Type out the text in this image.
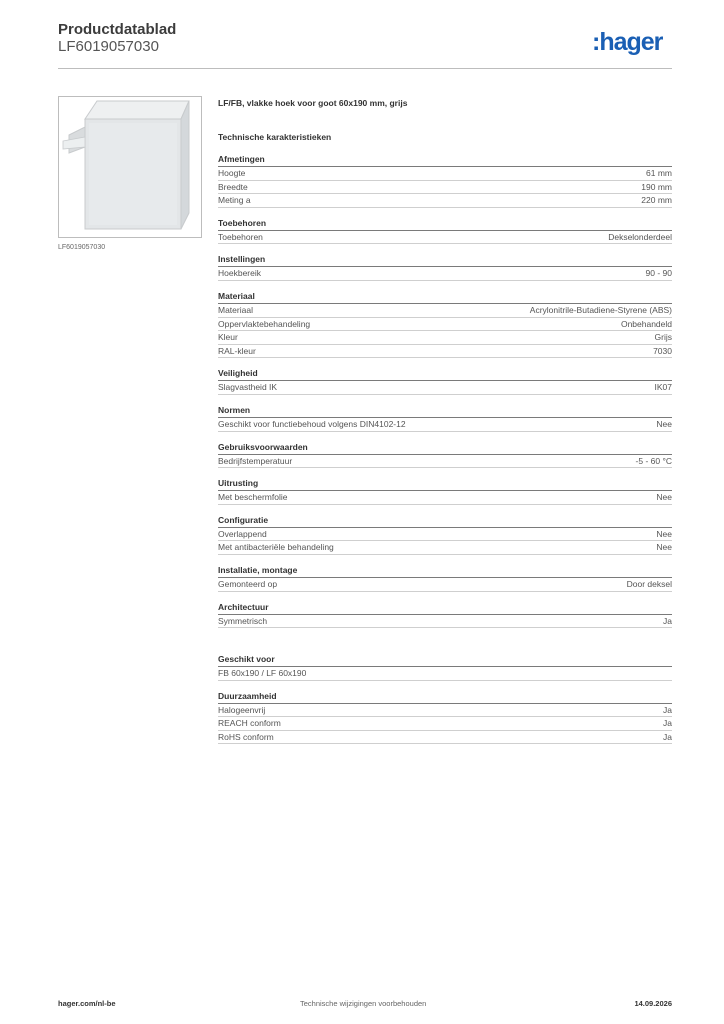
Productdatablad
LF6019057030	:hager
LF6019057030
LF/FB, vlakke hoek voor goot 60x190 mm, grijs
Technische karakteristieken
Afmetingen
Hoogte	61 mm
Breedte	190 mm
Meting a	220 mm
Toebehoren
Toebehoren	Dekselonderdeel
Instellingen
Hoekbereik	90 - 90
Materiaal
Materiaal	Acrylonitrile-Butadiene-Styrene (ABS)
Oppervlaktebehandeling	Onbehandeld
Kleur	Grijs
RAL-kleur	7030
Veiligheid
Slagvastheid IK	IK07
Normen
Geschikt voor functiebehoud volgens DIN4102-12	Nee
Gebruiksvoorwaarden
Bedrijfstemperatuur	-5 - 60 °C
Uitrusting
Met beschermfolie	Nee
Configuratie
Overlappend	Nee
Met antibacteriële behandeling	Nee
Installatie, montage
Gemonteerd op	Door deksel
Architectuur
Symmetrisch	Ja
Geschikt voor
FB 60x190 / LF 60x190
Duurzaamheid
Halogeenvrij	Ja
REACH conform	Ja
RoHS conform	Ja
hager.com/nl-be	Technische wijzigingen voorbehouden	14.09.2026
